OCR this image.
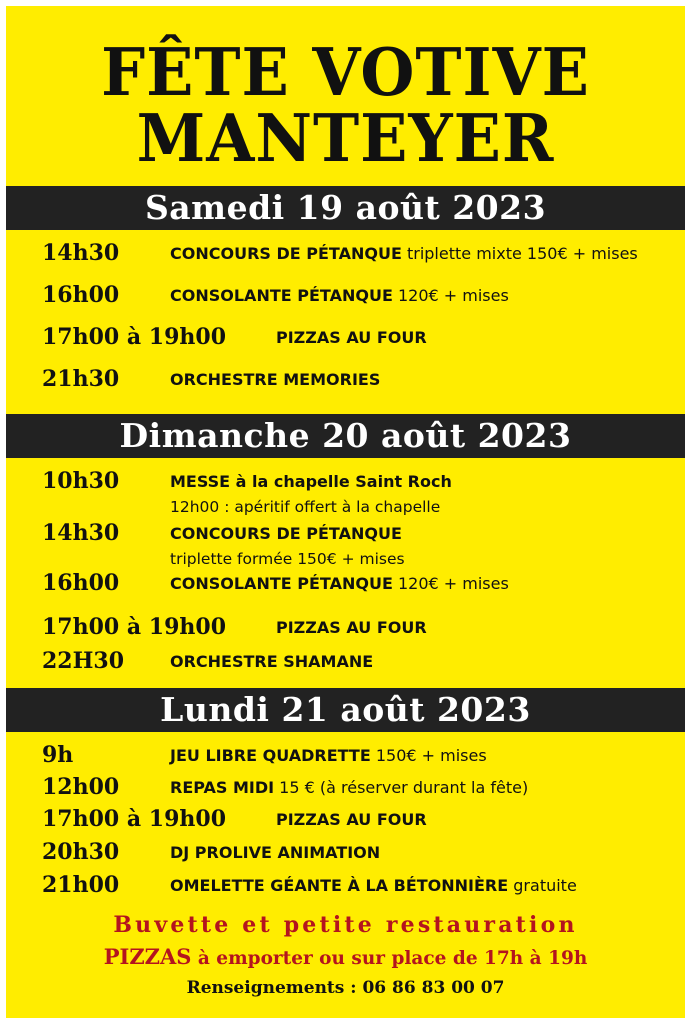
FÊTE VOTIVE
MANTEYER
Samedi 19 août 2023
14h30	CONCOURS DE PÉTANQUE triplette mixte 150€ + mises
16h00	CONSOLANTE PÉTANQUE 120€ + mises
17h00 à 19h00	PIZZAS AU FOUR
21h30	ORCHESTRE MEMORIES
Dimanche 20 août 2023
10h30	MESSE à la chapelle Saint Roch
12h00 : apéritif offert à la chapelle
14h30	CONCOURS DE PÉTANQUE
triplette formée 150€ + mises
16h00	CONSOLANTE PÉTANQUE 120€ + mises
17h00 à 19h00	PIZZAS AU FOUR
22H30	ORCHESTRE SHAMANE
Lundi 21 août 2023
9h	JEU LIBRE QUADRETTE 150€ + mises
12h00	REPAS MIDI 15 € (à réserver durant la fête)
17h00 à 19h00	PIZZAS AU FOUR
20h30	DJ PROLIVE ANIMATION
21h00	OMELETTE GÉANTE À LA BÉTONNIÈRE gratuite
Buvette et petite restauration
PIZZAS à emporter ou sur place de 17h à 19h
Renseignements : 06 86 83 00 07
